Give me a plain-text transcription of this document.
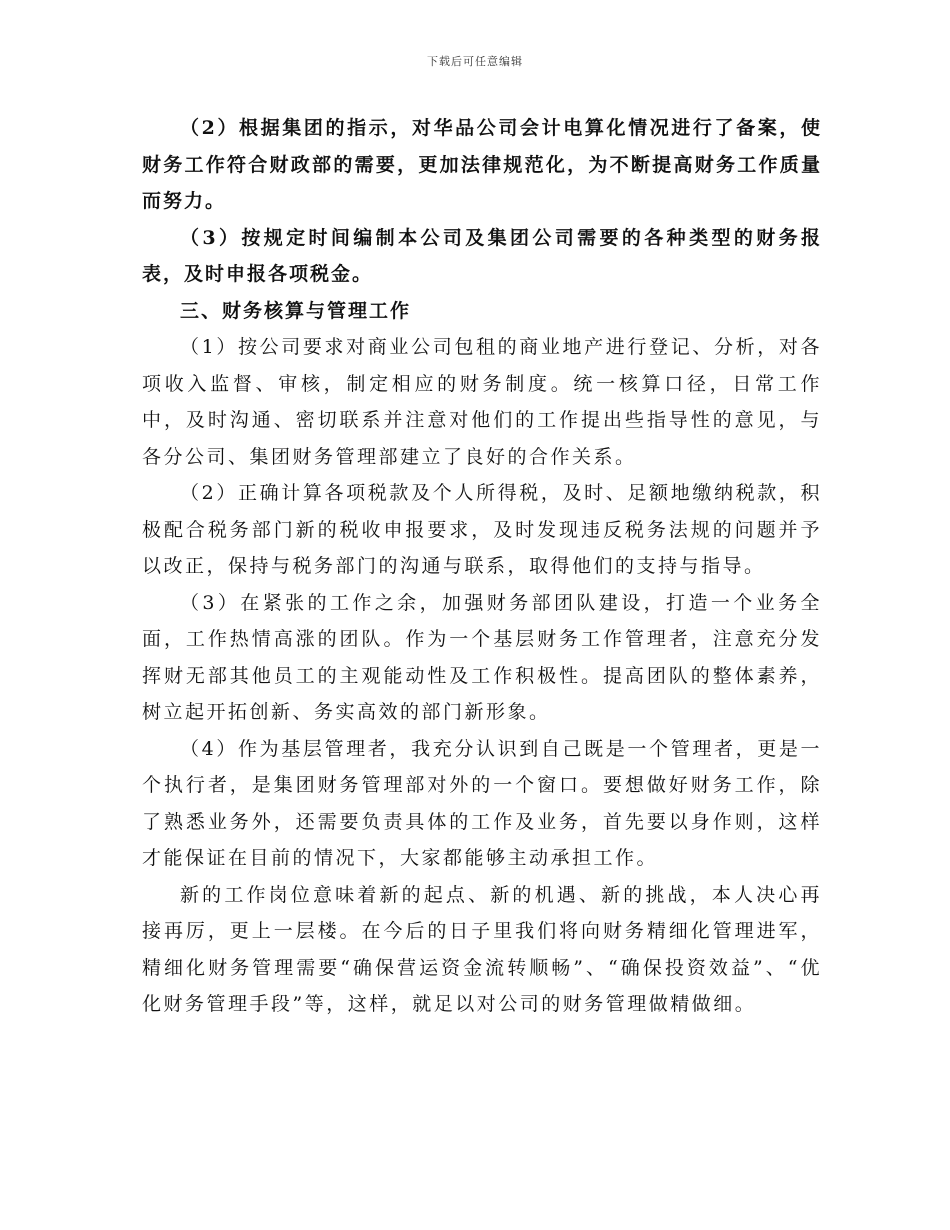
下载后可任意编辑

（2）根据集团的指示，对华品公司会计电算化情况进行了备案，使财务工作符合财政部的需要，更加法律规范化，为不断提高财务工作质量而努力。

（3）按规定时间编制本公司及集团公司需要的各种类型的财务报表，及时申报各项税金。

三、财务核算与管理工作

（1）按公司要求对商业公司包租的商业地产进行登记、分析，对各项收入监督、审核，制定相应的财务制度。统一核算口径，日常工作中，及时沟通、密切联系并注意对他们的工作提出些指导性的意见，与各分公司、集团财务管理部建立了良好的合作关系。

（2）正确计算各项税款及个人所得税，及时、足额地缴纳税款，积极配合税务部门新的税收申报要求，及时发现违反税务法规的问题并予以改正，保持与税务部门的沟通与联系，取得他们的支持与指导。

（3）在紧张的工作之余，加强财务部团队建设，打造一个业务全面，工作热情高涨的团队。作为一个基层财务工作管理者，注意充分发挥财无部其他员工的主观能动性及工作积极性。提高团队的整体素养，树立起开拓创新、务实高效的部门新形象。

（4）作为基层管理者，我充分认识到自己既是一个管理者，更是一个执行者，是集团财务管理部对外的一个窗口。要想做好财务工作，除了熟悉业务外，还需要负责具体的工作及业务，首先要以身作则，这样才能保证在目前的情况下，大家都能够主动承担工作。

新的工作岗位意味着新的起点、新的机遇、新的挑战，本人决心再接再厉，更上一层楼。在今后的日子里我们将向财务精细化管理进军，精细化财务管理需要“确保营运资金流转顺畅”、“确保投资效益”、“优化财务管理手段”等，这样，就足以对公司的财务管理做精做细。
